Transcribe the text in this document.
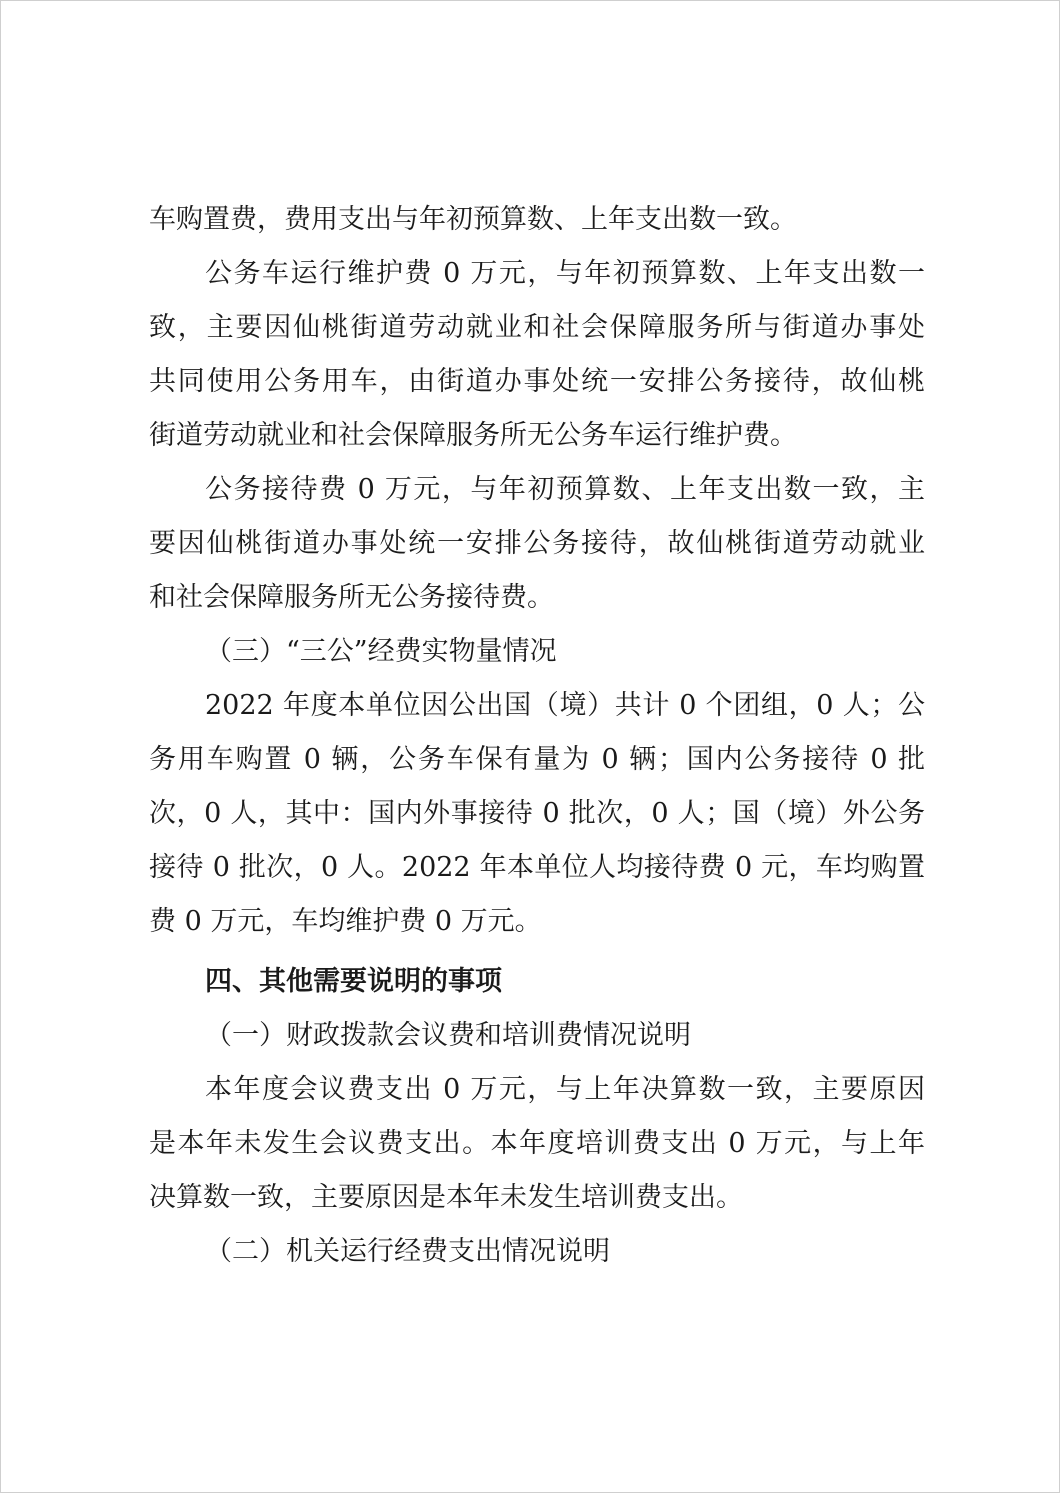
车购置费，费用支出与年初预算数、上年支出数一致。
公务车运行维护费 0 万元，与年初预算数、上年支出数一
致，主要因仙桃街道劳动就业和社会保障服务所与街道办事处
共同使用公务用车，由街道办事处统一安排公务接待，故仙桃
街道劳动就业和社会保障服务所无公务车运行维护费。
公务接待费 0 万元，与年初预算数、上年支出数一致，主
要因仙桃街道办事处统一安排公务接待，故仙桃街道劳动就业
和社会保障服务所无公务接待费。
（三）“三公”经费实物量情况
2022 年度本单位因公出国（境）共计 0 个团组，0 人；公
务用车购置 0 辆，公务车保有量为 0 辆；国内公务接待 0 批
次，0 人，其中：国内外事接待 0 批次，0 人；国（境）外公务
接待 0 批次，0 人。2022 年本单位人均接待费 0 元，车均购置
费 0 万元，车均维护费 0 万元。
四、其他需要说明的事项
（一）财政拨款会议费和培训费情况说明
本年度会议费支出 0 万元，与上年决算数一致，主要原因
是本年未发生会议费支出。本年度培训费支出 0 万元，与上年
决算数一致，主要原因是本年未发生培训费支出。
（二）机关运行经费支出情况说明
